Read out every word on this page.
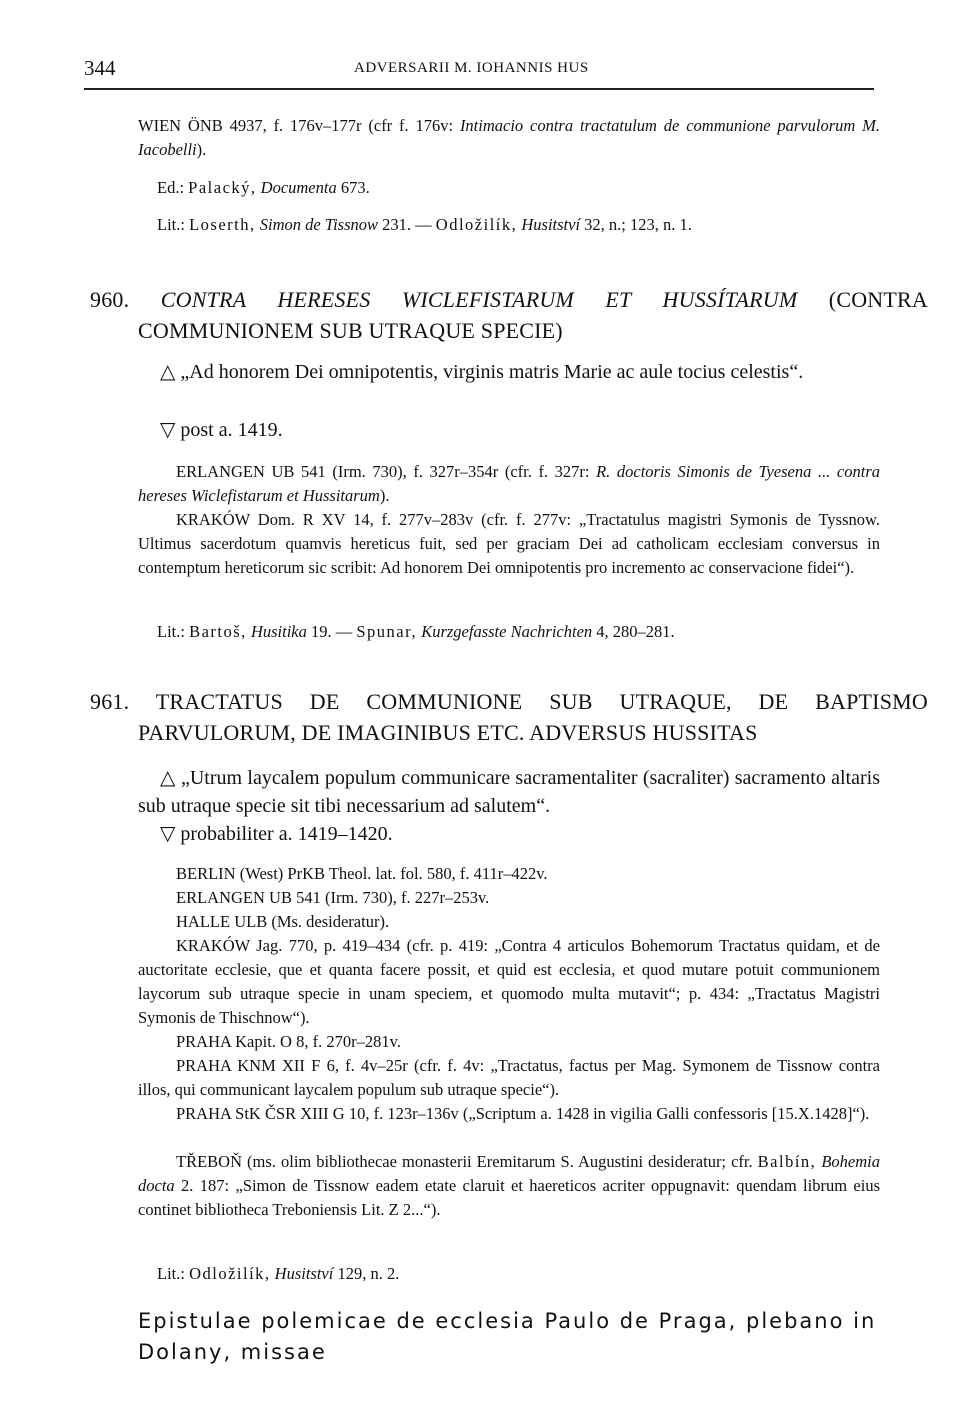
344	ADVERSARII M. IOHANNIS HUS

WIEN ÖNB 4937, f. 176v–177r (cfr f. 176v: Intimacio contra tractatulum de communione parvulorum M. Iacobelli).

Ed.: Palacký, Documenta 673.

Lit.: Loserth, Simon de Tissnow 231. — Odložilík, Husitství 32, n.; 123, n. 1.

960. CONTRA HERESES WICLEFISTARUM ET HUSSÍTARUM (CONTRA COMMUNIONEM SUB UTRAQUE SPECIE)

△ „Ad honorem Dei omnipotentis, virginis matris Marie ac aule tocius celestis“.

▽ post a. 1419.

ERLANGEN UB 541 (Irm. 730), f. 327r–354r (cfr. f. 327r: R. doctoris Simonis de Tyesena ... contra hereses Wiclefistarum et Hussitarum).

KRAKÓW Dom. R XV 14, f. 277v–283v (cfr. f. 277v: „Tractatulus magistri Symonis de Tyssnow. Ultimus sacerdotum quamvis hereticus fuit, sed per graciam Dei ad catholicam ecclesiam conversus in contemptum hereticorum sic scribit: Ad honorem Dei omnipotentis pro incremento ac conservacione fidei“).

Lit.: Bartoš, Husitika 19. — Spunar, Kurzgefasste Nachrichten 4, 280–281.

961. TRACTATUS DE COMMUNIONE SUB UTRAQUE, DE BAPTISMO PARVULORUM, DE IMAGINIBUS ETC. ADVERSUS HUSSITAS

△ „Utrum laycalem populum communicare sacramentaliter (sacraliter) sacramento altaris sub utraque specie sit tibi necessarium ad salutem“.

▽ probabiliter a. 1419–1420.

BERLIN (West) PrKB Theol. lat. fol. 580, f. 411r–422v.

ERLANGEN UB 541 (Irm. 730), f. 227r–253v.

HALLE ULB (Ms. desideratur).

KRAKÓW Jag. 770, p. 419–434 (cfr. p. 419: „Contra 4 articulos Bohemorum Tractatus quidam, et de auctoritate ecclesie, que et quanta facere possit, et quid est ecclesia, et quod mutare potuit communionem laycorum sub utraque specie in unam speciem, et quomodo multa mutavit“; p. 434: „Tractatus Magistri Symonis de Thischnow“).

PRAHA Kapit. O 8, f. 270r–281v.

PRAHA KNM XII F 6, f. 4v–25r (cfr. f. 4v: „Tractatus, factus per Mag. Symonem de Tissnow contra illos, qui communicant laycalem populum sub utraque specie“).

PRAHA StK ČSR XIII G 10, f. 123r–136v („Scriptum a. 1428 in vigilia Galli confessoris [15.X.1428]“).

TŘEBOŇ (ms. olim bibliothecae monasterii Eremitarum S. Augustini desideratur; cfr. Balbín, Bohemia docta 2. 187: „Simon de Tissnow eadem etate claruit et haereticos acriter oppugnavit: quendam librum eius continet bibliotheca Treboniensis Lit. Z 2...“).

Lit.: Odložilík, Husitství 129, n. 2.

Epistulae polemicae de ecclesia Paulo de Praga, plebano in Dolany, missae
